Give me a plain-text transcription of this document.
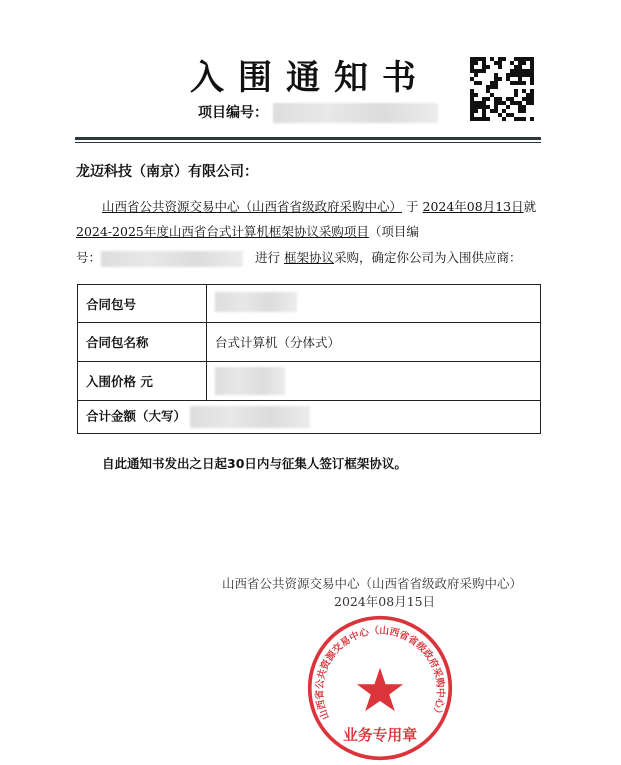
入围通知书
项目编号：
龙迈科技（南京）有限公司：
山西省公共资源交易中心（山西省省级政府采购中心） 于 2024年08月13日就
2024-2025年度山西省台式计算机框架协议采购项目（项目编
号：	进行 框架协议采购，确定你公司为入围供应商：
合同包号	
合同包名称	台式计算机（分体式）
入围价格 元	
合计金额（大写）	
自此通知书发出之日起30日内与征集人签订框架协议。
山西省公共资源交易中心（山西省省级政府采购中心）
2024年08月15日
山西省公共资源交易中心（山西省省级政府采购中心）
业务专用章
